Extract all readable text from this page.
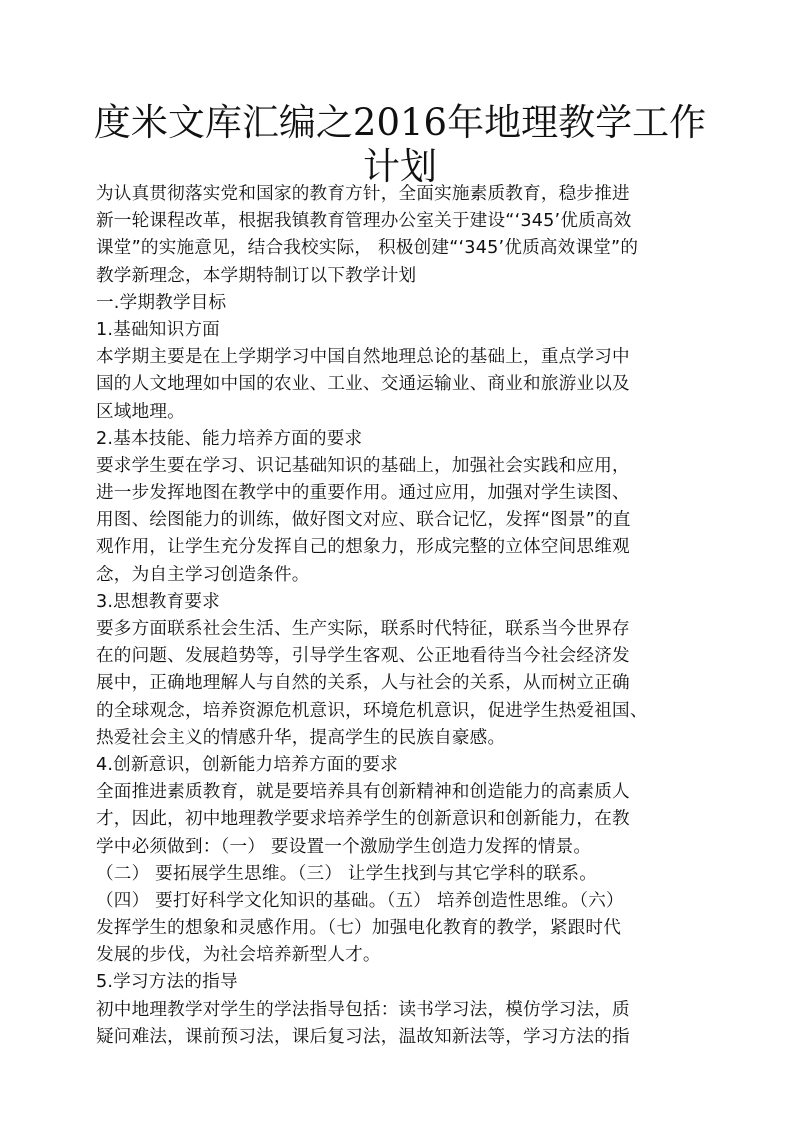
度米文库汇编之2016年地理教学工作
计划
为认真贯彻落实党和国家的教育方针，全面实施素质教育，稳步推进
新一轮课程改革，根据我镇教育管理办公室关于建设“‘345’优质高效
课堂”的实施意见，结合我校实际， 积极创建“‘345’优质高效课堂”的
教学新理念，本学期特制订以下教学计划
一.学期教学目标
1.基础知识方面
本学期主要是在上学期学习中国自然地理总论的基础上，重点学习中
国的人文地理如中国的农业、工业、交通运输业、商业和旅游业以及
区域地理。
2.基本技能、能力培养方面的要求
要求学生要在学习、识记基础知识的基础上，加强社会实践和应用，
进一步发挥地图在教学中的重要作用。通过应用，加强对学生读图、
用图、绘图能力的训练，做好图文对应、联合记忆，发挥“图景”的直
观作用，让学生充分发挥自己的想象力，形成完整的立体空间思维观
念，为自主学习创造条件。
3.思想教育要求
要多方面联系社会生活、生产实际，联系时代特征，联系当今世界存
在的问题、发展趋势等，引导学生客观、公正地看待当今社会经济发
展中，正确地理解人与自然的关系，人与社会的关系，从而树立正确
的全球观念，培养资源危机意识，环境危机意识，促进学生热爱祖国、
热爱社会主义的情感升华，提高学生的民族自豪感。
4.创新意识，创新能力培养方面的要求
全面推进素质教育，就是要培养具有创新精神和创造能力的高素质人
才，因此，初中地理教学要求培养学生的创新意识和创新能力，在教
学中必须做到：（一） 要设置一个激励学生创造力发挥的情景。
（二） 要拓展学生思维。（三） 让学生找到与其它学科的联系。
（四） 要打好科学文化知识的基础。（五） 培养创造性思维。（六）
发挥学生的想象和灵感作用。（七）加强电化教育的教学，紧跟时代
发展的步伐，为社会培养新型人才。
5.学习方法的指导
初中地理教学对学生的学法指导包括：读书学习法，模仿学习法，质
疑问难法，课前预习法，课后复习法，温故知新法等，学习方法的指
